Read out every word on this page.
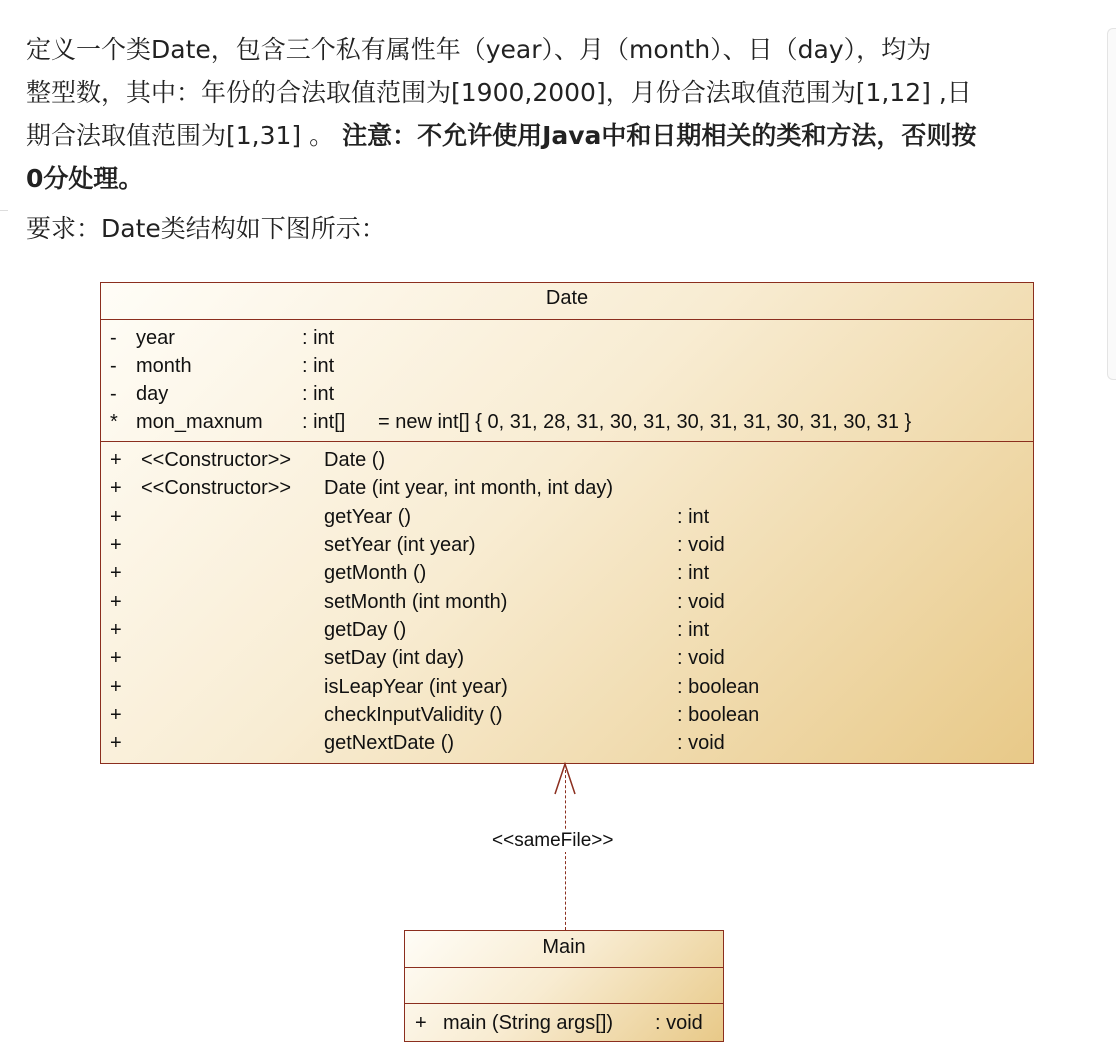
定义一个类Date，包含三个私有属性年（year）、月（month）、日（day），均为
整型数，其中：年份的合法取值范围为[1900,2000]，月份合法取值范围为[1,12] ,日
期合法取值范围为[1,31] 。 注意：不允许使用Java中和日期相关的类和方法，否则按
0分处理。

要求：Date类结构如下图所示：

Date
- year	: int
- month	: int
- day	: int
* mon_maxnum : int[] = new int[] { 0, 31, 28, 31, 30, 31, 30, 31, 31, 30, 31, 30, 31 }
+ <<Constructor>> Date ()
+ <<Constructor>> Date (int year, int month, int day)
+	getYear ()	: int
+	setYear (int year)	: void
+	getMonth ()	: int
+	setMonth (int month)	: void
+	getDay ()	: int
+	setDay (int day)	: void
+	isLeapYear (int year)	: boolean
+	checkInputValidity ()	: boolean
+	getNextDate ()	: void
<<sameFile>>
Main
+ main (String args[]) : void
